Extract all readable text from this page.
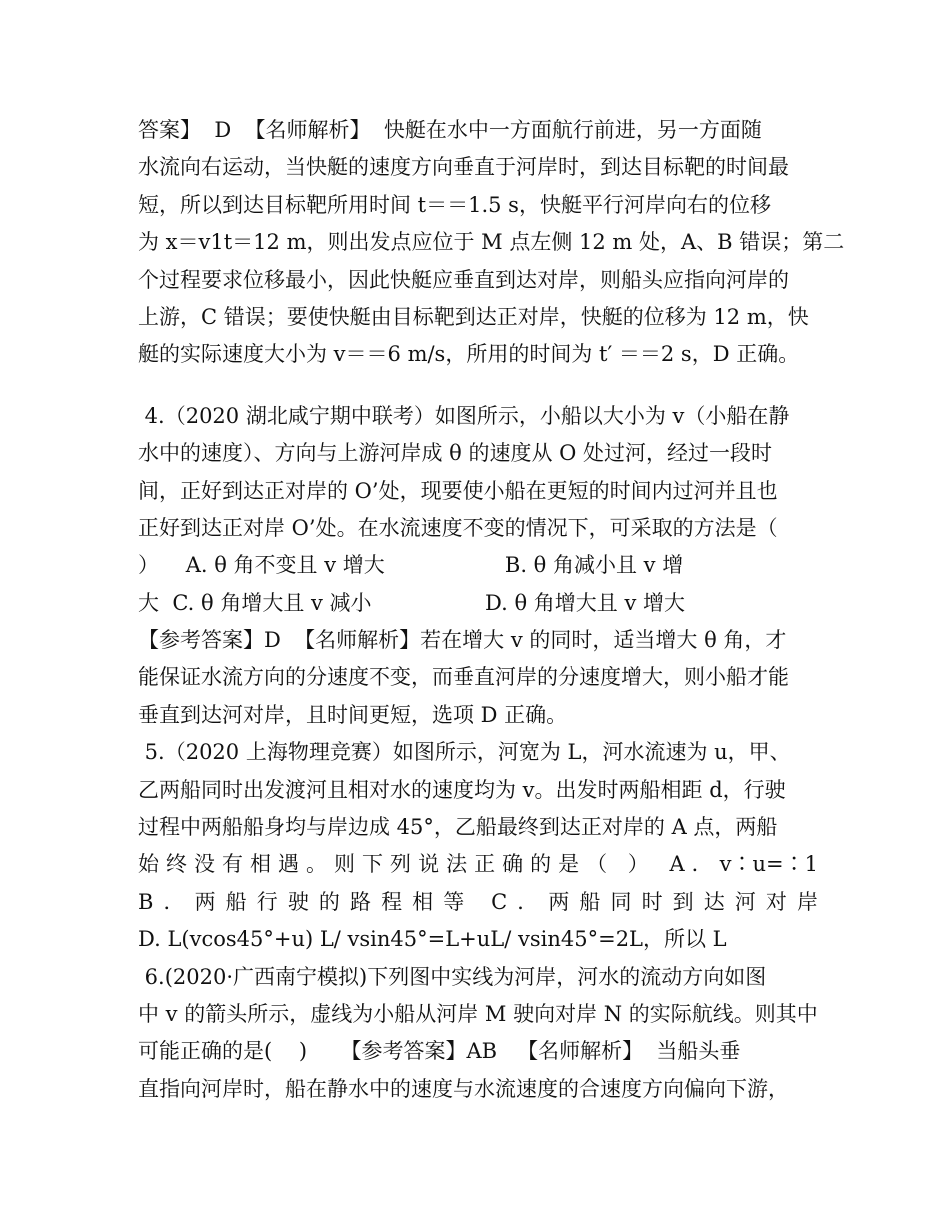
答案】  D  【名师解析】  快艇在水中一方面航行前进，另一方面随
水流向右运动，当快艇的速度方向垂直于河岸时，到达目标靶的时间最
短，所以到达目标靶所用时间 t＝＝1.5 s，快艇平行河岸向右的位移
为 x＝v1t＝12 m，则出发点应位于 M 点左侧 12 m 处，A、B 错误；第二
个过程要求位移最小，因此快艇应垂直到达对岸，则船头应指向河岸的
上游，C 错误；要使快艇由目标靶到达正对岸，快艇的位移为 12 m，快
艇的实际速度大小为 v＝＝6 m/s，所用的时间为 t′ ＝＝2 s，D 正确。
4.（2020 湖北咸宁期中联考）如图所示，小船以大小为 v（小船在静
水中的速度）、方向与上游河岸成 θ 的速度从 O 处过河，经过一段时
间，正好到达正对岸的 O’处，现要使小船在更短的时间内过河并且也
正好到达正对岸 O’处。在水流速度不变的情况下，可采取的方法是（
）    A. θ 角不变且 v 增大                  B. θ 角减小且 v 增
大  C. θ 角增大且 v 减小                 D. θ 角增大且 v 增大
【参考答案】D  【名师解析】若在增大 v 的同时，适当增大 θ 角，才
能保证水流方向的分速度不变，而垂直河岸的分速度增大，则小船才能
垂直到达河对岸，且时间更短，选项 D 正确。
5.（2020 上海物理竞赛）如图所示，河宽为 L，河水流速为 u，甲、
乙两船同时出发渡河且相对水的速度均为 v。出发时两船相距 d，行驶
过程中两船船身均与岸边成 45°，乙船最终到达正对岸的 A 点，两船
始终没有相遇。则下列说法正确的是（ ） A．v∶u=∶1
B．两船行驶的路程相等 C．两船同时到达河对岸
D. L(vcos45°+u) L/ vsin45°=L+uL/ vsin45°=2L，所以 L
6.(2020·广西南宁模拟)下列图中实线为河岸，河水的流动方向如图
中 v 的箭头所示，虚线为小船从河岸 M 驶向对岸 N 的实际航线。则其中
可能正确的是(    )     【参考答案】AB   【名师解析】  当船头垂
直指向河岸时，船在静水中的速度与水流速度的合速度方向偏向下游，
